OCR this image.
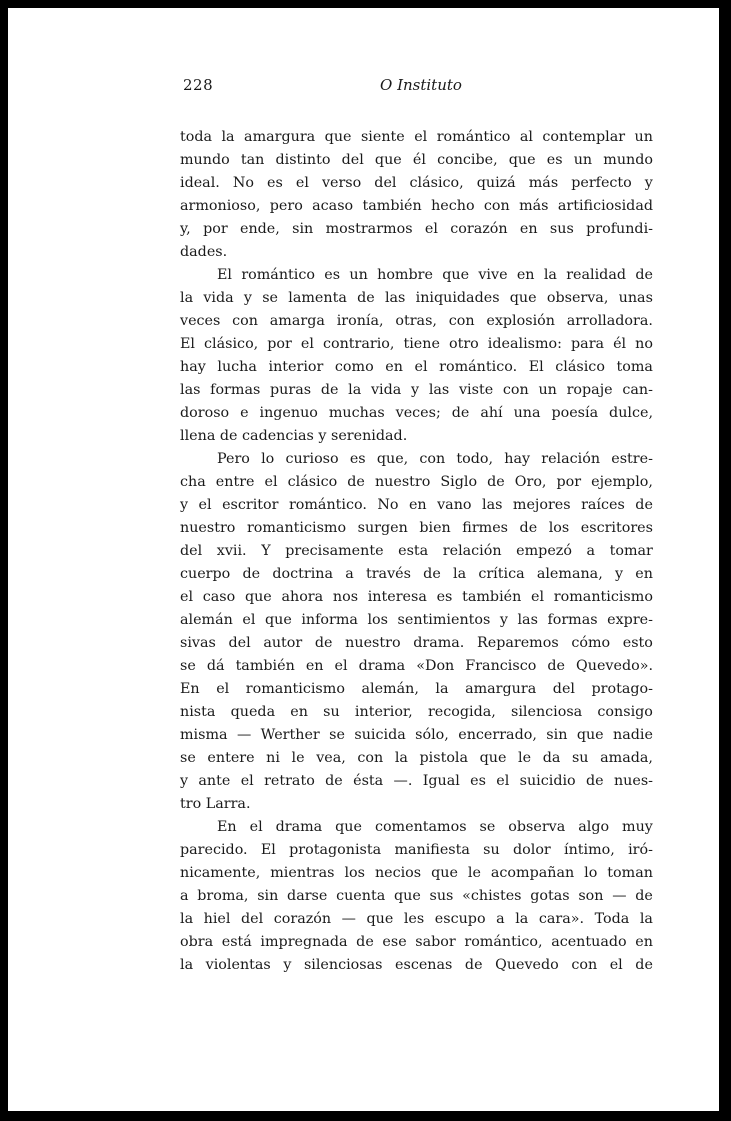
228	O Instituto
toda la amargura que siente el romántico al contemplar un
mundo tan distinto del que él concibe, que es un mundo
ideal. No es el verso del clásico, quizá más perfecto y
armonioso, pero acaso también hecho con más artificiosidad
y, por ende, sin mostrarmos el corazón en sus profundi-
dades.
El romántico es un hombre que vive en la realidad de
la vida y se lamenta de las iniquidades que observa, unas
veces con amarga ironía, otras, con explosión arrolladora.
El clásico, por el contrario, tiene otro idealismo: para él no
hay lucha interior como en el romántico. El clásico toma
las formas puras de la vida y las viste con un ropaje can-
doroso e ingenuo muchas veces; de ahí una poesía dulce,
llena de cadencias y serenidad.
Pero lo curioso es que, con todo, hay relación estre-
cha entre el clásico de nuestro Siglo de Oro, por ejemplo,
y el escritor romántico. No en vano las mejores raíces de
nuestro romanticismo surgen bien firmes de los escritores
del xvii. Y precisamente esta relación empezó a tomar
cuerpo de doctrina a través de la crítica alemana, y en
el caso que ahora nos interesa es también el romanticismo
alemán el que informa los sentimientos y las formas expre-
sivas del autor de nuestro drama. Reparemos cómo esto
se dá también en el drama «Don Francisco de Quevedo».
En el romanticismo alemán, la amargura del protago-
nista queda en su interior, recogida, silenciosa consigo
misma — Werther se suicida sólo, encerrado, sin que nadie
se entere ni le vea, con la pistola que le da su amada,
y ante el retrato de ésta —. Igual es el suicidio de nues-
tro Larra.
En el drama que comentamos se observa algo muy
parecido. El protagonista manifiesta su dolor íntimo, iró-
nicamente, mientras los necios que le acompañan lo toman
a broma, sin darse cuenta que sus «chistes gotas son — de
la hiel del corazón — que les escupo a la cara». Toda la
obra está impregnada de ese sabor romántico, acentuado en
la violentas y silenciosas escenas de Quevedo con el de
